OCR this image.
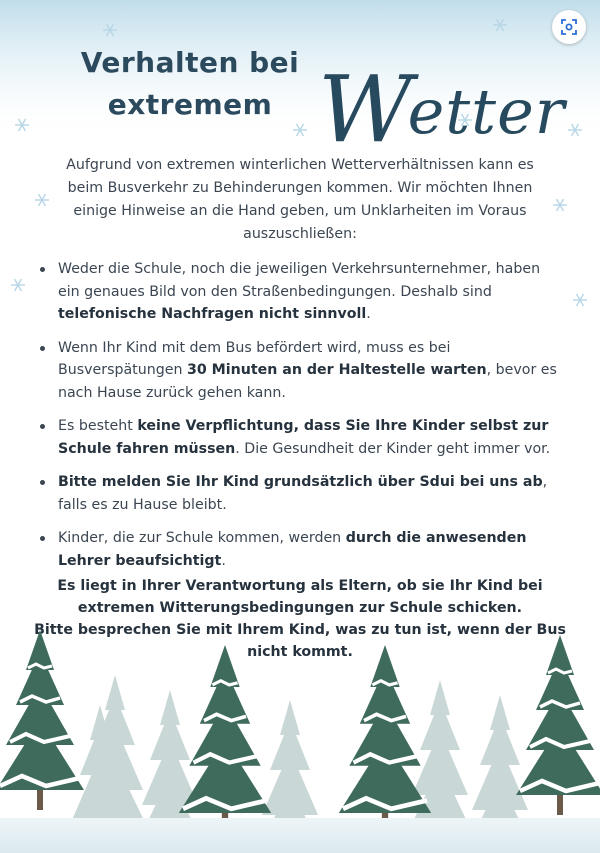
Verhalten bei
extremem Wetter
Aufgrund von extremen winterlichen Wetterverhältnissen kann es beim Busverkehr zu Behinderungen kommen. Wir möchten Ihnen einige Hinweise an die Hand geben, um Unklarheiten im Voraus auszuschließen:
Weder die Schule, noch die jeweiligen Verkehrsunternehmer, haben ein genaues Bild von den Straßenbedingungen. Deshalb sind telefonische Nachfragen nicht sinnvoll.
Wenn Ihr Kind mit dem Bus befördert wird, muss es bei Busverspätungen 30 Minuten an der Haltestelle warten, bevor es nach Hause zurück gehen kann.
Es besteht keine Verpflichtung, dass Sie Ihre Kinder selbst zur Schule fahren müssen. Die Gesundheit der Kinder geht immer vor.
Bitte melden Sie Ihr Kind grundsätzlich über Sdui bei uns ab, falls es zu Hause bleibt.
Kinder, die zur Schule kommen, werden durch die anwesenden Lehrer beaufsichtigt.
Es liegt in Ihrer Verantwortung als Eltern, ob sie Ihr Kind bei extremen Witterungsbedingungen zur Schule schicken.
Bitte besprechen Sie mit Ihrem Kind, was zu tun ist, wenn der Bus nicht kommt.
